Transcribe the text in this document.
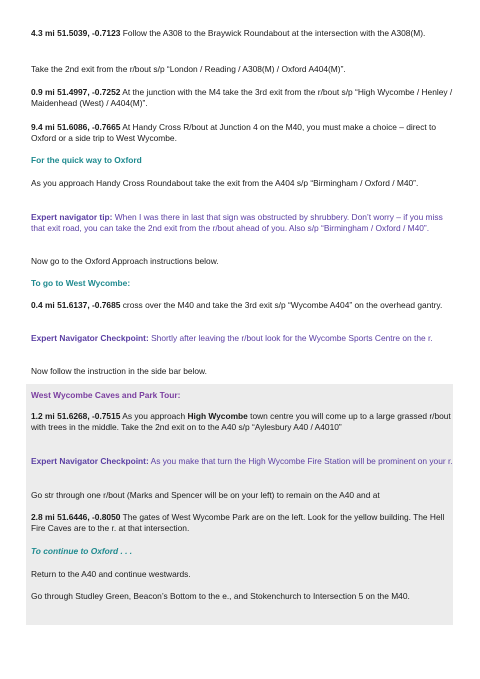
4.3 mi 51.5039, -0.7123 Follow the A308 to the Braywick Roundabout at the intersection with the A308(M).

Take the 2nd exit from the r/bout s/p “London / Reading / A308(M) / Oxford A404(M)”.

0.9 mi 51.4997, -0.7252 At the junction with the M4 take the 3rd exit from the r/bout s/p “High Wycombe / Henley / Maidenhead (West) / A404(M)”.

9.4 mi 51.6086, -0.7665 At Handy Cross R/bout at Junction 4 on the M40, you must make a choice – direct to Oxford or a side trip to West Wycombe.

For the quick way to Oxford

As you approach Handy Cross Roundabout take the exit from the A404 s/p “Birmingham / Oxford / M40”.

Expert navigator tip: When I was there in last that sign was obstructed by shrubbery. Don’t worry – if you miss that exit road, you can take the 2nd exit from the r/bout ahead of you. Also s/p “Birmingham / Oxford / M40”.

Now go to the Oxford Approach instructions below.

To go to West Wycombe:

0.4 mi 51.6137, -0.7685 cross over the M40 and take the 3rd exit s/p “Wycombe A404” on the overhead gantry.

Expert Navigator Checkpoint: Shortly after leaving the r/bout look for the Wycombe Sports Centre on the r.

Now follow the instruction in the side bar below.

West Wycombe Caves and Park Tour:

1.2 mi 51.6268, -0.7515 As you approach High Wycombe town centre you will come up to a large grassed r/bout with trees in the middle. Take the 2nd exit on to the A40 s/p “Aylesbury A40 / A4010”

Expert Navigator Checkpoint: As you make that turn the High Wycombe Fire Station will be prominent on your r.

Go str through one r/bout (Marks and Spencer will be on your left) to remain on the A40 and at

2.8 mi 51.6446, -0.8050 The gates of West Wycombe Park are on the left. Look for the yellow building. The Hell Fire Caves are to the r. at that intersection.

To continue to Oxford . . .

Return to the A40 and continue westwards.

Go through Studley Green, Beacon’s Bottom to the e., and Stokenchurch to Intersection 5 on the M40.
